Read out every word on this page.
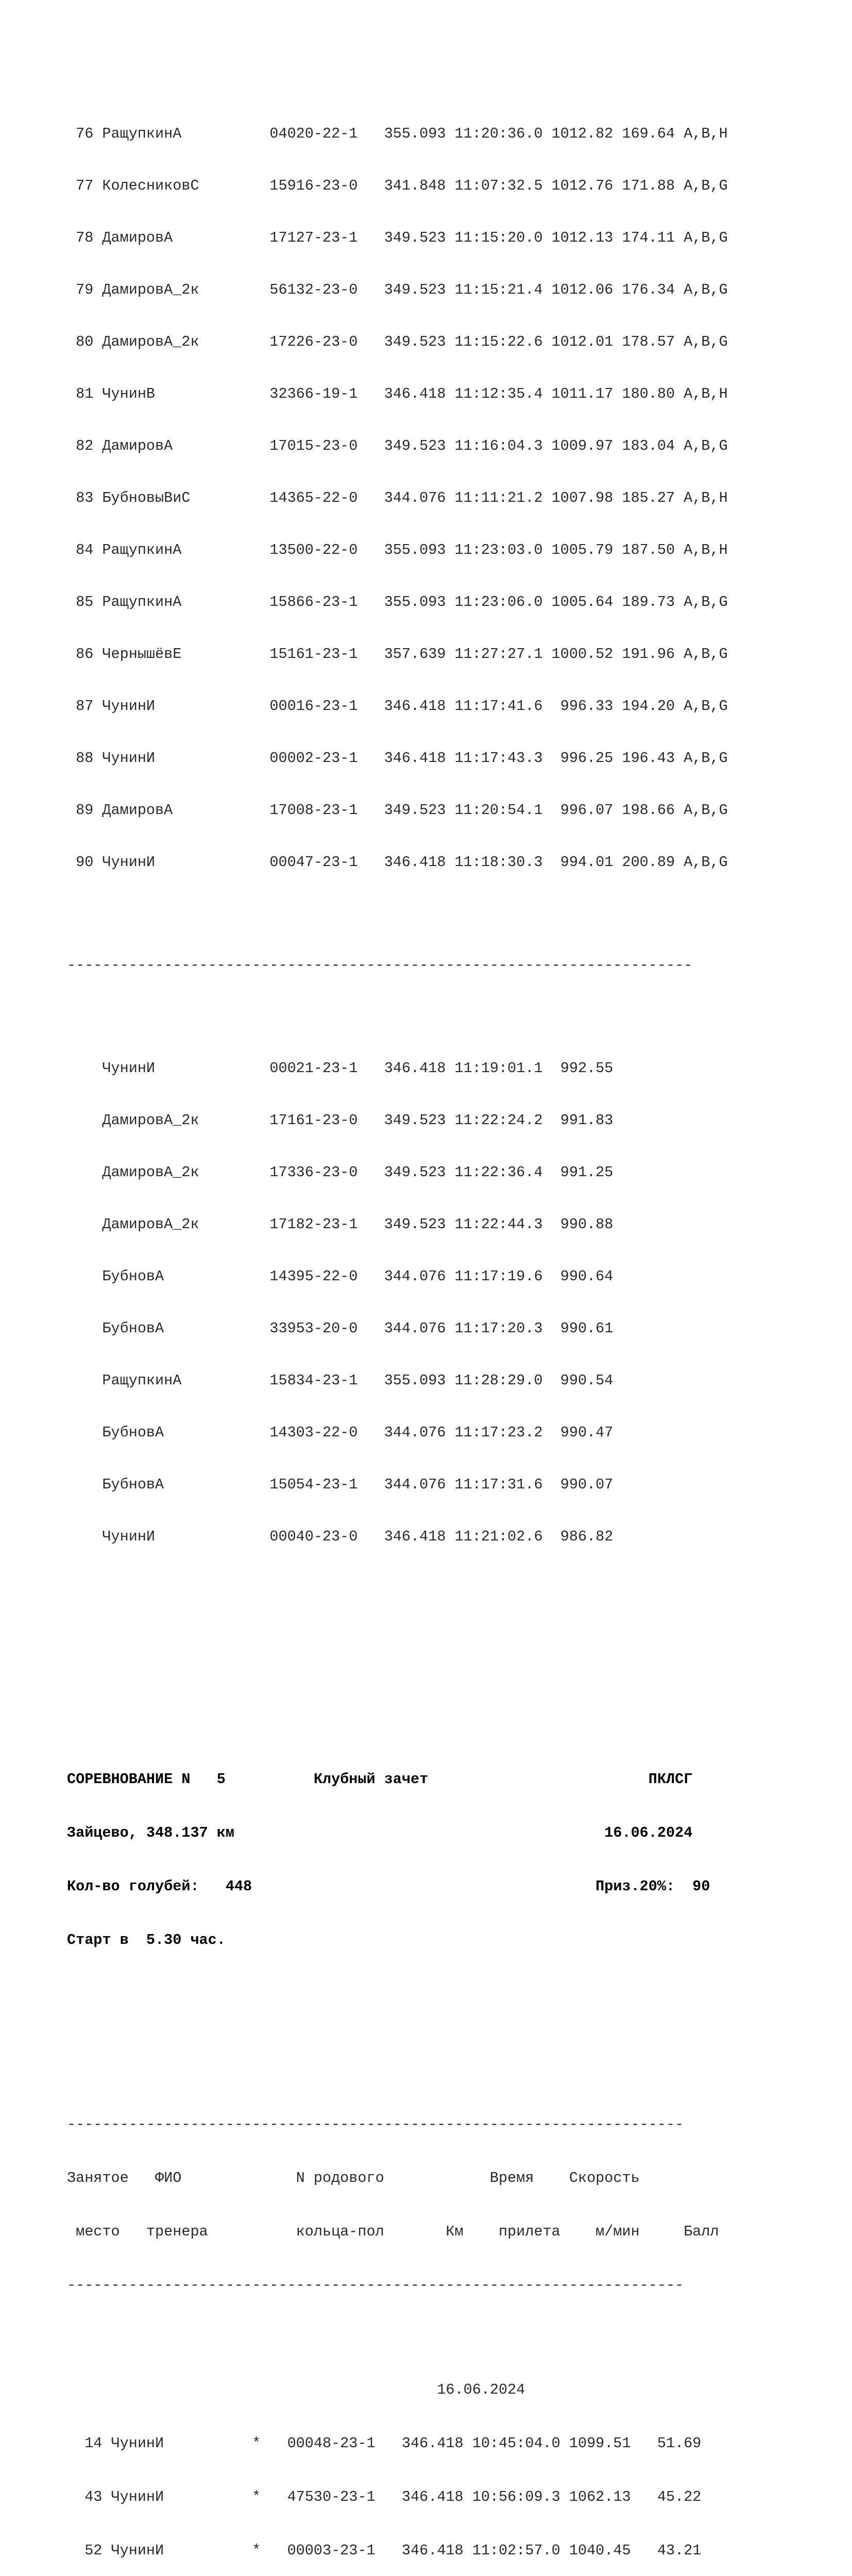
76 РащупкинА          04020-22-1   355.093 11:20:36.0 1012.82 169.64 A,B,H

77 КолесниковС        15916-23-0   341.848 11:07:32.5 1012.76 171.88 A,B,G

78 ДамировА           17127-23-1   349.523 11:15:20.0 1012.13 174.11 A,B,G

79 ДамировА_2к        56132-23-0   349.523 11:15:21.4 1012.06 176.34 A,B,G

80 ДамировА_2к        17226-23-0   349.523 11:15:22.6 1012.01 178.57 A,B,G

81 ЧунинВ             32366-19-1   346.418 11:12:35.4 1011.17 180.80 A,B,H

82 ДамировА           17015-23-0   349.523 11:16:04.3 1009.97 183.04 A,B,G

83 БубновыВиС         14365-22-0   344.076 11:11:21.2 1007.98 185.27 A,B,H

84 РащупкинА          13500-22-0   355.093 11:23:03.0 1005.79 187.50 A,B,H

85 РащупкинА          15866-23-1   355.093 11:23:06.0 1005.64 189.73 A,B,G

86 ЧернышёвЕ          15161-23-1   357.639 11:27:27.1 1000.52 191.96 A,B,G

87 ЧунинИ             00016-23-1   346.418 11:17:41.6  996.33 194.20 A,B,G

88 ЧунинИ             00002-23-1   346.418 11:17:43.3  996.25 196.43 A,B,G

89 ДамировА           17008-23-1   349.523 11:20:54.1  996.07 198.66 A,B,G

90 ЧунинИ             00047-23-1   346.418 11:18:30.3  994.01 200.89 A,B,G

-----------------------------------------------------------------------

ЧунинИ             00021-23-1   346.418 11:19:01.1  992.55

ДамировА_2к        17161-23-0   349.523 11:22:24.2  991.83

ДамировА_2к        17336-23-0   349.523 11:22:36.4  991.25

ДамировА_2к        17182-23-1   349.523 11:22:44.3  990.88

БубновА            14395-22-0   344.076 11:17:19.6  990.64

БубновА            33953-20-0   344.076 11:17:20.3  990.61

РащупкинА          15834-23-1   355.093 11:28:29.0  990.54

БубновА            14303-22-0   344.076 11:17:23.2  990.47

БубновА            15054-23-1   344.076 11:17:31.6  990.07

ЧунинИ             00040-23-0   346.418 11:21:02.6  986.82

СОРЕВНОВАНИЕ N   5          Клубный зачет                         ПКЛСГ

Зайцево, 348.137 км                                          16.06.2024

Кол-во голубей:   448                                       Приз.20%:  90

Старт в  5.30 час.

----------------------------------------------------------------------

Занятое   ФИО             N родового            Время    Скорость

место   тренера          кольца-пол       Км    прилета    м/мин     Балл

----------------------------------------------------------------------

16.06.2024

14 ЧунинИ          *   00048-23-1   346.418 10:45:04.0 1099.51   51.69

43 ЧунинИ          *   47530-23-1   346.418 10:56:09.3 1062.13   45.22

52 ЧунинИ          *   00003-23-1   346.418 11:02:57.0 1040.45   43.21
